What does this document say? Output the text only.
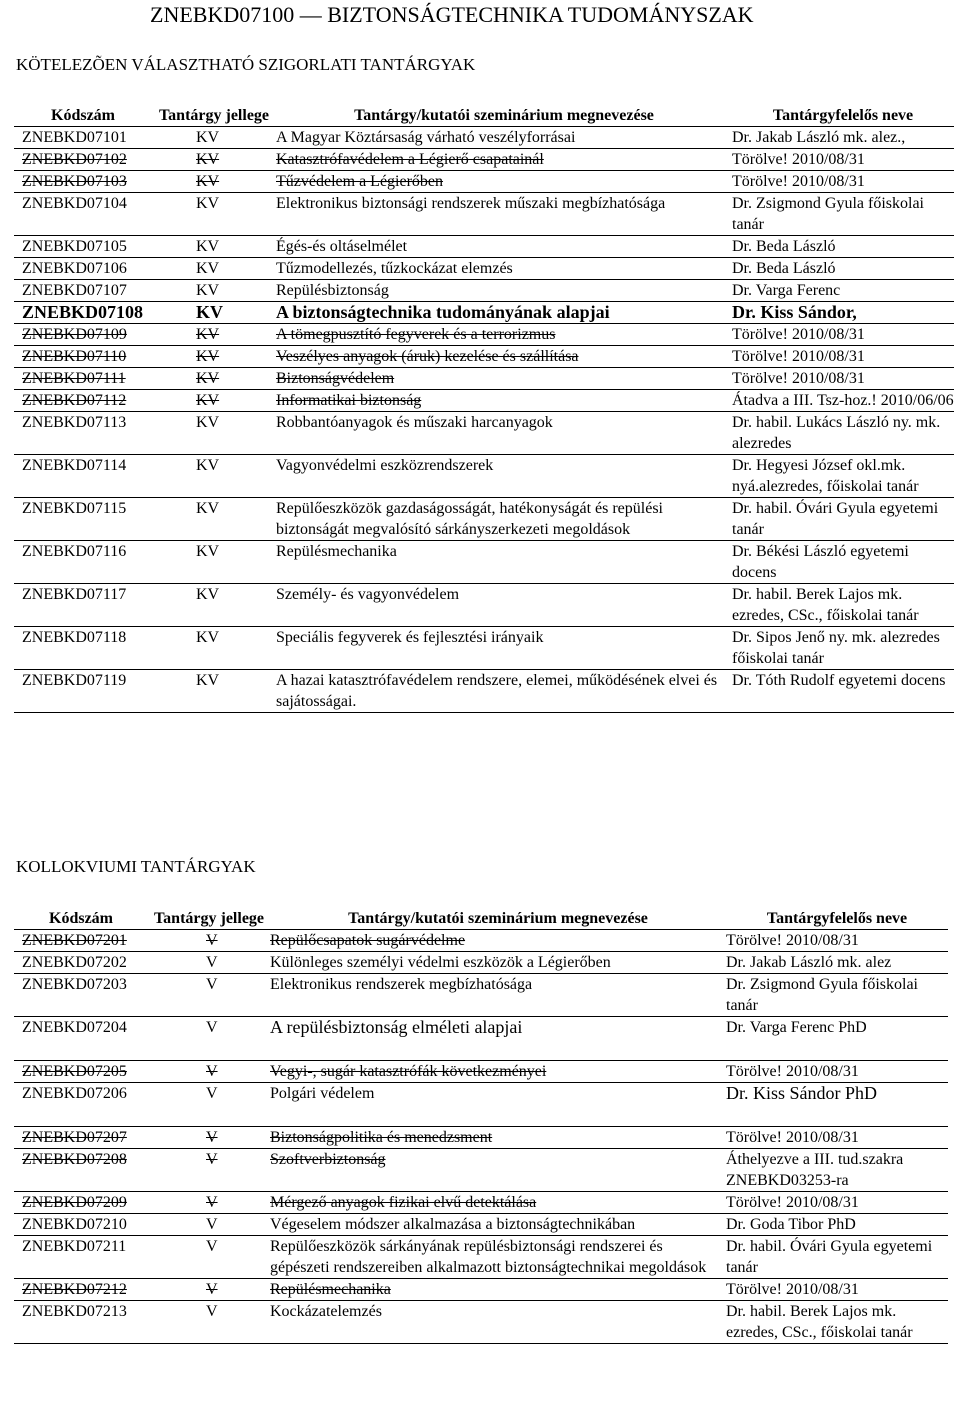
ZNEBKD07100 — BIZTONSÁGTECHNIKA TUDOMÁNYSZAK
KÖTELEZÕEN VÁLASZTHATÓ SZIGORLATI TANTÁRGYAK
Kódszám	Tantárgy jellege	Tantárgy/kutatói szeminárium megnevezése	Tantárgyfelelős neve
ZNEBKD07101	KV	A Magyar Köztársaság várható veszélyforrásai	Dr. Jakab László mk. alez.,
ZNEBKD07102	KV	Katasztrófavédelem a Légierő csapatainál	Törölve! 2010/08/31
ZNEBKD07103	KV	Tűzvédelem a Légierőben	Törölve! 2010/08/31
ZNEBKD07104	KV	Elektronikus biztonsági rendszerek műszaki megbízhatósága	Dr. Zsigmond Gyula főiskolai tanár
ZNEBKD07105	KV	Égés-és oltáselmélet	Dr. Beda László
ZNEBKD07106	KV	Tűzmodellezés, tűzkockázat elemzés	Dr. Beda László
ZNEBKD07107	KV	Repülésbiztonság	Dr. Varga Ferenc
ZNEBKD07108	KV	A biztonságtechnika tudományának alapjai	Dr. Kiss Sándor,
ZNEBKD07109	KV	A tömegpusztító fegyverek és a terrorizmus	Törölve! 2010/08/31
ZNEBKD07110	KV	Veszélyes anyagok (áruk) kezelése és szállítása	Törölve! 2010/08/31
ZNEBKD07111	KV	Biztonságvédelem	Törölve! 2010/08/31
ZNEBKD07112	KV	Informatikai biztonság	Átadva a III. Tsz-hoz.! 2010/06/06
ZNEBKD07113	KV	Robbantóanyagok és műszaki harcanyagok	Dr. habil. Lukács László ny. mk. alezredes
ZNEBKD07114	KV	Vagyonvédelmi eszközrendszerek	Dr. Hegyesi József okl.mk. nyá.alezredes, főiskolai tanár
ZNEBKD07115	KV	Repülőeszközök gazdaságosságát, hatékonyságát és repülési biztonságát megvalósító sárkányszerkezeti megoldások	Dr. habil. Óvári Gyula egyetemi tanár
ZNEBKD07116	KV	Repülésmechanika	Dr. Békési László egyetemi docens
ZNEBKD07117	KV	Személy- és vagyonvédelem	Dr. habil. Berek Lajos mk. ezredes, CSc., főiskolai tanár
ZNEBKD07118	KV	Speciális fegyverek és fejlesztési irányaik	Dr. Sipos Jenő ny. mk. alezredes főiskolai tanár
ZNEBKD07119	KV	A hazai katasztrófavédelem rendszere, elemei, működésének elvei és sajátosságai.	Dr. Tóth Rudolf egyetemi docens
KOLLOKVIUMI TANTÁRGYAK
Kódszám	Tantárgy jellege	Tantárgy/kutatói szeminárium megnevezése	Tantárgyfelelős neve
ZNEBKD07201	V	Repülőcsapatok sugárvédelme	Törölve! 2010/08/31
ZNEBKD07202	V	Különleges személyi védelmi eszközök a Légierőben	Dr. Jakab László mk. alez
ZNEBKD07203	V	Elektronikus rendszerek megbízhatósága	Dr. Zsigmond Gyula főiskolai tanár
ZNEBKD07204	V	A repülésbiztonság elméleti alapjai	Dr. Varga Ferenc PhD
ZNEBKD07205	V	Vegyi-, sugár katasztrófák következményei	Törölve! 2010/08/31
ZNEBKD07206	V	Polgári védelem	Dr. Kiss Sándor PhD
ZNEBKD07207	V	Biztonságpolitika és menedzsment	Törölve! 2010/08/31
ZNEBKD07208	V	Szoftverbiztonság	Áthelyezve a III. tud.szakra ZNEBKD03253-ra
ZNEBKD07209	V	Mérgező anyagok fizikai elvű detektálása	Törölve! 2010/08/31
ZNEBKD07210	V	Végeselem módszer alkalmazása a biztonságtechnikában	Dr. Goda Tibor PhD
ZNEBKD07211	V	Repülőeszközök sárkányának repülésbiztonsági rendszerei és gépészeti rendszereiben alkalmazott biztonságtechnikai megoldások	Dr. habil. Óvári Gyula egyetemi tanár
ZNEBKD07212	V	Repülésmechanika	Törölve! 2010/08/31
ZNEBKD07213	V	Kockázatelemzés	Dr. habil. Berek Lajos mk. ezredes, CSc., főiskolai tanár
